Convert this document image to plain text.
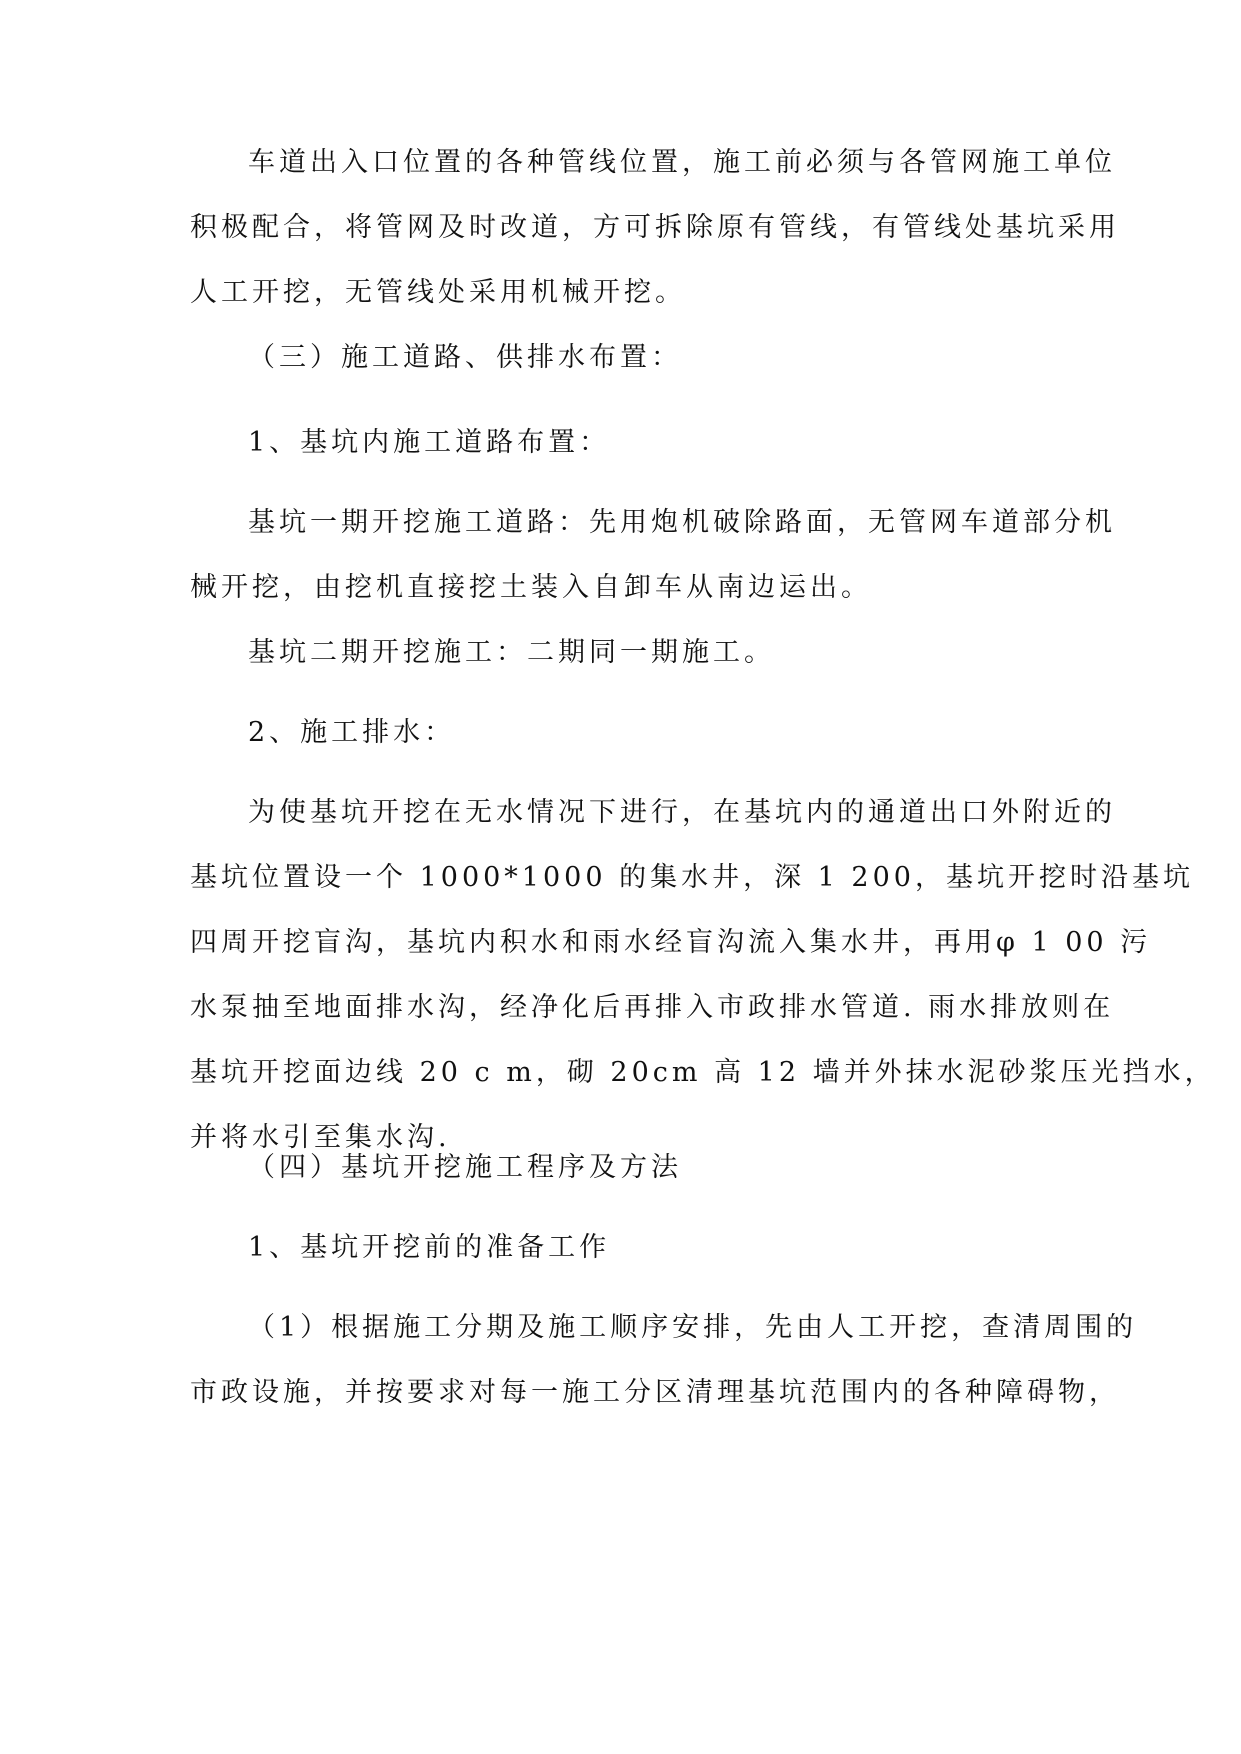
车道出入口位置的各种管线位置，施工前必须与各管网施工单位
积极配合，将管网及时改道，方可拆除原有管线，有管线处基坑采用
人工开挖，无管线处采用机械开挖。
（三）施工道路、供排水布置：
1、基坑内施工道路布置：
基坑一期开挖施工道路：先用炮机破除路面，无管网车道部分机
械开挖，由挖机直接挖土装入自卸车从南边运出。
基坑二期开挖施工：二期同一期施工。
2、施工排水：
为使基坑开挖在无水情况下进行，在基坑内的通道出口外附近的
基坑位置设一个 1000*1000 的集水井，深 1 200，基坑开挖时沿基坑
四周开挖盲沟，基坑内积水和雨水经盲沟流入集水井，再用φ 1 00 污
水泵抽至地面排水沟，经净化后再排入市政排水管道. 雨水排放则在
基坑开挖面边线 20 c m，砌 20cm 高 12 墙并外抹水泥砂浆压光挡水，
并将水引至集水沟.
（四）基坑开挖施工程序及方法
1、基坑开挖前的准备工作
（1）根据施工分期及施工顺序安排，先由人工开挖，查清周围的
市政设施，并按要求对每一施工分区清理基坑范围内的各种障碍物，
